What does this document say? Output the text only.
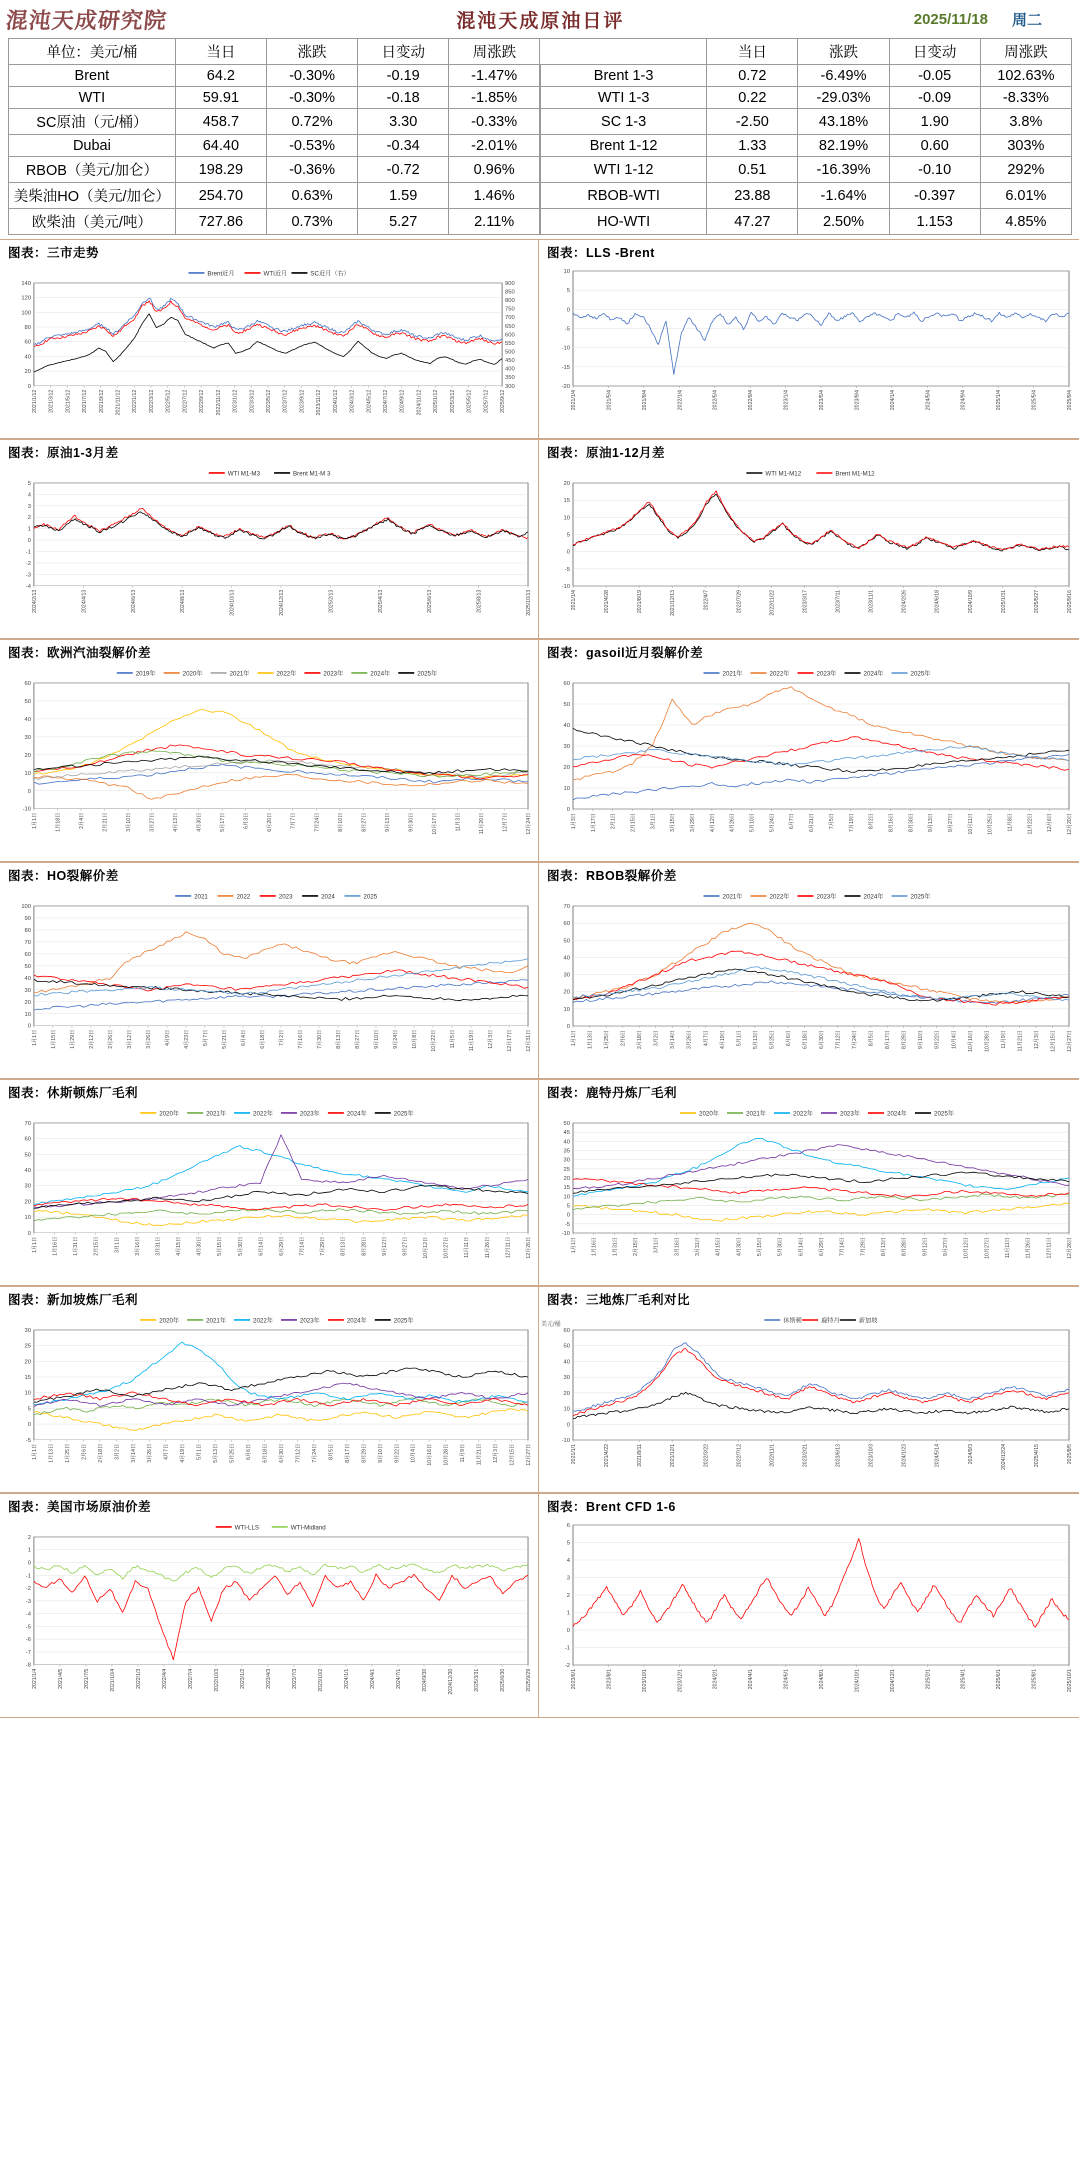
混沌天成研究院	混沌天成原油日评	2025/11/18 周二
单位：美元/桶	当日	涨跌	日变动	周涨跌		当日	涨跌	日变动	周涨跌
Brent	64.2	-0.30%	-0.19	-1.47%	Brent 1-3	0.72	-6.49%	-0.05	102.63%
WTI	59.91	-0.30%	-0.18	-1.85%	WTI 1-3	0.22	-29.03%	-0.09	-8.33%
SC原油（元/桶）	458.7	0.72%	3.30	-0.33%	SC 1-3	-2.50	43.18%	1.90	3.8%
Dubai	64.40	-0.53%	-0.34	-2.01%	Brent 1-12	1.33	82.19%	0.60	303%
RBOB（美元/加仑）	198.29	-0.36%	-0.72	0.96%	WTI 1-12	0.51	-16.39%	-0.10	292%
美柴油HO（美元/加仑）	254.70	0.63%	1.59	1.46%	RBOB-WTI	23.88	-1.64%	-0.397	6.01%
欧柴油（美元/吨）	727.86	0.73%	5.27	2.11%	HO-WTI	47.27	2.50%	1.153	4.85%
图表：三市走势
Brent近月	WTI近月	SC近月（右）
0
20
40
60
80
100
120
140
300
350
400
450
500
550
600
650
700
750
800
850
900
2021/1/12 2021/3/12 2021/5/12 2021/7/12 2021/9/12 2021/11/12 2022/1/12 2022/3/12 2022/5/12 2022/7/12 2022/9/12 2022/11/12 2023/1/12 2023/3/12 2023/5/12 2023/7/12 2023/9/12 2023/11/12 2024/1/12 2024/3/12 2024/5/12 2024/7/12 2024/9/12 2024/11/12 2025/1/12 2025/3/12 2025/5/12 2025/7/12 2025/9/12
图表：LLS -Brent
-20
-15
-10
-5
0
5
10
2021/1/4	2021/5/4	2021/9/4	2022/1/4	2022/5/4	2022/9/4	2023/1/4	2023/5/4	2023/9/4	2024/1/4	2024/5/4	2024/9/4	2025/1/4	2025/5/4	2025/9/4
图表：原油1-3月差
WTI M1-M3	Brent M1-M 3
-4
-3
-2
-1
0
1
2
3
4
5
2024/2/13	2024/4/13	2024/6/13	2024/8/13	2024/10/13	2024/12/13	2025/2/13	2025/4/13	2025/6/13	2025/8/13	2025/10/13
图表：原油1-12月差
WTI M1-M12	Brent M1-M12
-10
-5
0
5
10
15
20
2021/1/4	2021/4/28	2021/8/19	2021/12/13	2022/4/7	2022/7/29	2022/11/22	2023/3/17	2023/7/11	2023/11/1	2024/2/26	2024/6/18	2024/10/9	2025/1/31	2025/5/27	2025/9/16
图表：欧洲汽油裂解价差
2019年	2020年	2021年	2022年	2023年	2024年	2025年
-10
0
10
20
30
40
50
60
1月1日	1月18日	2月4日	2月21日	3月10日	3月27日	4月13日	4月30日	5月17日	6月3日	6月20日	7月7日	7月24日	8月10日	8月27日	9月13日	9月30日	10月17日	11月3日	11月20日	12月7日	12月24日
图表：gasoil近月裂解价差
2021年	2022年	2023年	2024年	2025年
0
10
20
30
40
50
60
1月3日	1月17日	2月1日	2月15日	3月1日	3月15日	3月29日	4月12日	4月26日	5月10日	5月24日	6月7日	6月21日	7月5日	7月19日	8月2日	8月16日	8月30日	9月13日	9月27日	10月11日	10月25日	11月8日	11月22日	12月6日	12月20日
图表：HO裂解价差
2021	2022	2023	2024	2025
0
10
20
30
40
50
60
70
80
90
100
1月1日	1月15日	1月29日	2月12日	2月26日	3月12日	3月26日	4月9日	4月23日	5月7日	5月21日	6月4日	6月18日	7月2日	7月16日	7月30日	8月13日	8月27日	9月10日	9月24日	10月8日	10月22日	11月5日	11月19日	12月3日	12月17日	12月31日
图表：RBOB裂解价差
2021年	2022年	2023年	2024年	2025年
0
10
20
30
40
50
60
70
1月1日	1月13日	1月25日	2月6日	2月18日	3月2日	3月14日	3月26日	4月7日	4月19日	5月1日	5月13日	5月25日	6月6日	6月18日	6月30日	7月12日	7月24日	8月5日	8月17日	8月29日	9月10日	9月22日	10月4日	10月16日	10月28日	11月9日	11月21日	12月3日	12月15日	12月27日
图表：休斯顿炼厂毛利
2020年	2021年	2022年	2023年	2024年	2025年
0
10
20
30
40
50
60
70
1月1日	1月16日	1月31日	2月15日	3月1日	3月16日	3月31日	4月15日	4月30日	5月15日	5月30日	6月14日	6月29日	7月14日	7月29日	8月13日	8月28日	9月12日	9月27日	10月12日	10月27日	11月11日	11月26日	12月11日	12月26日
图表：鹿特丹炼厂毛利
2020年	2021年	2022年	2023年	2024年	2025年
-10
-5
0
5
10
15
20
25
30
35
40
45
50
1月1日	1月16日	1月31日	2月15日	3月1日	3月16日	3月31日	4月15日	4月30日	5月15日	5月30日	6月14日	6月29日	7月14日	7月29日	8月13日	8月28日	9月12日	9月27日	10月12日	10月27日	11月11日	11月26日	12月11日	12月26日
图表：新加坡炼厂毛利
2020年	2021年	2022年	2023年	2024年	2025年
-5
0
5
10
15
20
25
30
1月1日	1月13日	1月25日	2月6日	2月18日	3月2日	3月14日	3月26日	4月7日	4月19日	5月1日	5月13日	5月25日	6月6日	6月18日	6月30日	7月12日	7月24日	8月5日	8月17日	8月29日	9月10日	9月22日	10月4日	10月16日	10月28日	11月9日	11月21日	12月3日	12月15日	12月27日
图表：三地炼厂毛利对比
休斯顿	鹿特丹	新加坡
美元/桶
-10
0
10
20
30
40
50
60
2021/1/1	2021/4/22	2021/8/11	2021/12/1	2022/3/22	2022/7/12	2022/11/1	2023/2/21	2023/6/13	2023/10/3	2024/1/23	2024/5/14	2024/9/3	2024/12/24	2025/4/15	2025/8/5
图表：美国市场原油价差
WTI-LLS	WTI-Midland
2
1
0
-1
-2
-3
-4
-5
-6
-7
-8
2021/1/4	2021/4/5	2021/7/5	2021/10/4	2022/1/3	2022/4/4	2022/7/4	2022/10/3	2023/1/2	2023/4/3	2023/7/3	2023/10/2	2024/1/1	2024/4/1	2024/7/1	2024/9/30	2024/12/30	2025/3/31	2025/6/30	2025/9/29
图表：Brent CFD 1-6
6
5
4
3
2
1
0
-1
-2
2023/6/1	2023/8/1	2023/10/1	2023/12/1	2024/2/1	2024/4/1	2024/6/1	2024/8/1	2024/10/1	2024/12/1	2025/2/1	2025/4/1	2025/6/1	2025/8/1	2025/10/1
